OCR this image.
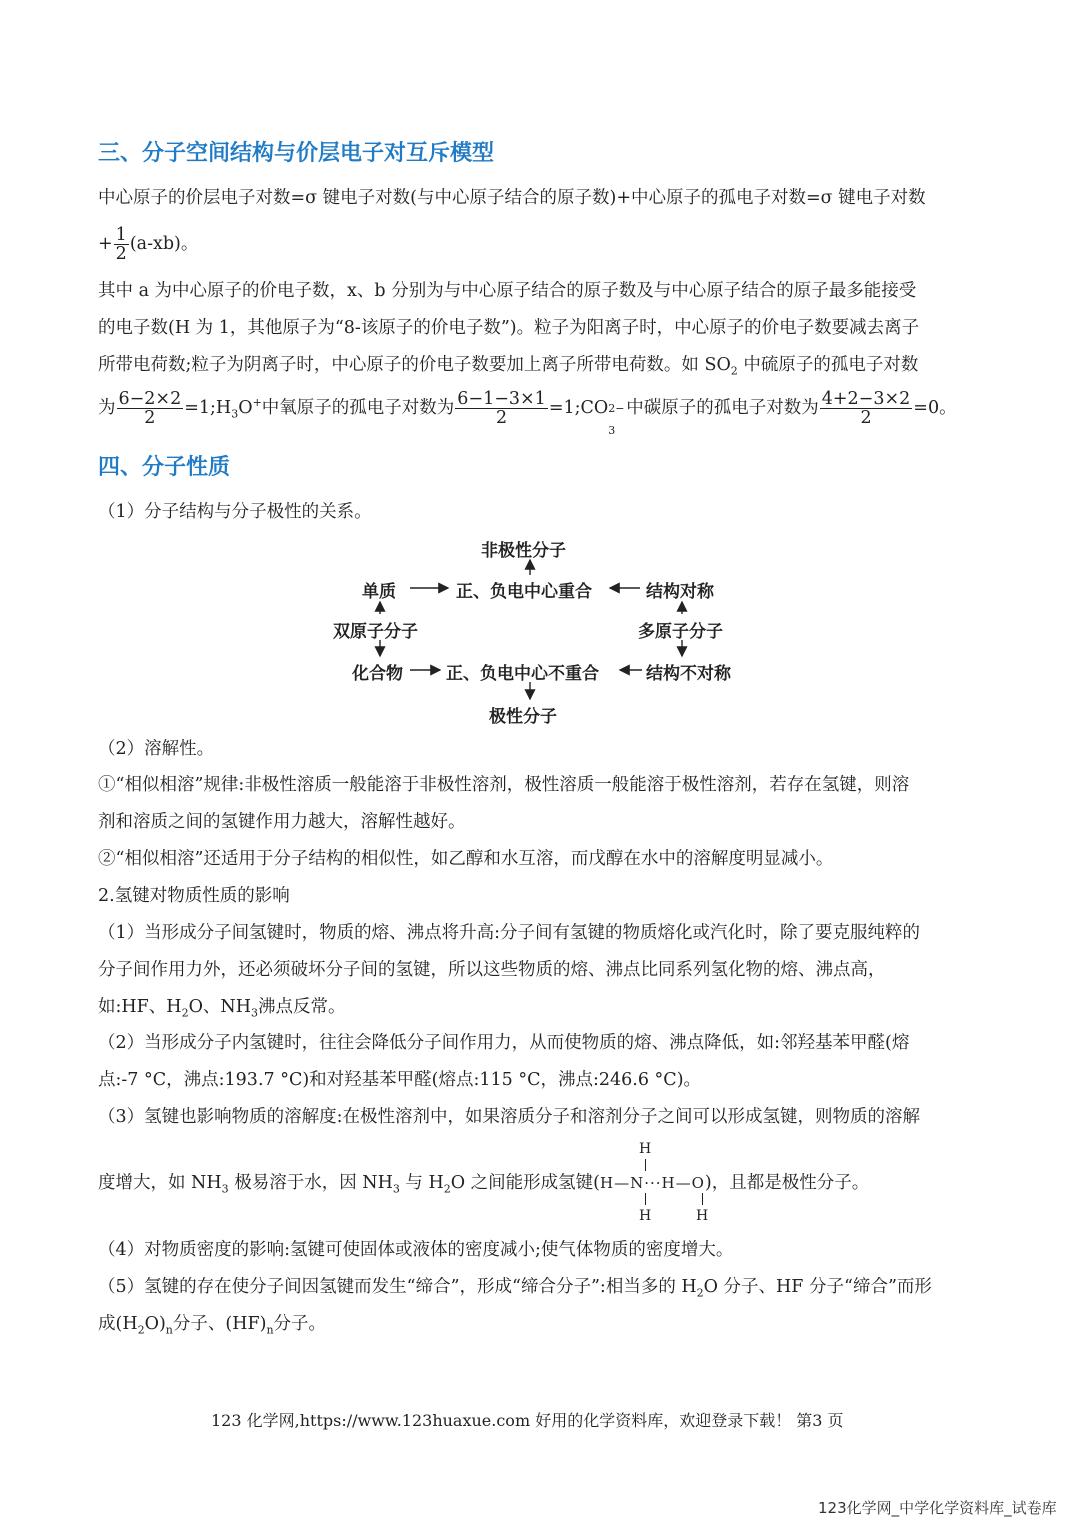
三、分子空间结构与价层电子对互斥模型
中心原子的价层电子对数=σ 键电子对数(与中心原子结合的原子数)+中心原子的孤电子对数=σ 键电子对数
+ $\frac{1}{2} (a-xb)$。
其中 a 为中心原子的价电子数，x、b 分别为与中心原子结合的原子数及与中心原子结合的原子最多能接受
的电子数(H 为 1，其他原子为“8-该原子的价电子数”)。粒子为阳离子时，中心原子的价电子数要减去离子
所带电荷数;粒子为阴离子时，中心原子的价电子数要加上离子所带电荷数。如 $SO_2$ 中硫原子的孤电子对数
为 $\frac{6-2\times 2}{2}$ $=1;H_3O^+$中氧原子的孤电子对数为 $\frac{6-1-3\times 1}{2}$ =1;CO 2−
3
中碳原子的孤电子对数为 $\frac{4+2-3\times 2}{2} =0$。
四、分子性质
（1）分子结构与分子极性的关系。
非极性分子
单质	正、负电中心重合	结构对称
双原子分子	多原子分子
化合物	正、负电中心不重合	结构不对称
极性分子
（2）溶解性。
①“相似相溶”规律:非极性溶质一般能溶于非极性溶剂，极性溶质一般能溶于极性溶剂，若存在氢键，则溶
剂和溶质之间的氢键作用力越大，溶解性越好。
②“相似相溶”还适用于分子结构的相似性，如乙醇和水互溶，而戊醇在水中的溶解度明显减小。
2.氢键对物质性质的影响
（1）当形成分子间氢键时，物质的熔、沸点将升高:分子间有氢键的物质熔化或汽化时，除了要克服纯粹的
分子间作用力外，还必须破坏分子间的氢键，所以这些物质的熔、沸点比同系列氢化物的熔、沸点高，
如:HF、$H_2O$、$NH_3$沸点反常。
（2）当形成分子内氢键时，往往会降低分子间作用力，从而使物质的熔、沸点降低，如:邻羟基苯甲醛(熔
点:-7 °C，沸点:193.7 °C)和对羟基苯甲醛(熔点:115 °C，沸点:246.6 °C)。
（3）氢键也影响物质的溶解度:在极性溶剂中，如果溶质分子和溶剂分子之间可以形成氢键，则物质的溶解
度增大，如 $NH_3$ 极易溶于水，因 $NH_3$ 与 $H_2O$ 之间能形成氢键(H—N···H—O)，且都是极性分子。
H
H	H
（4）对物质密度的影响:氢键可使固体或液体的密度减小;使气体物质的密度增大。
（5）氢键的存在使分子间因氢键而发生“缔合”，形成“缔合分子”:相当多的 $H_2O$ 分子、HF 分子“缔合”而形
成$(H_2O)_n$分子、$(HF)_n$分子。
123 化学网,https://www.123huaxue.com 好用的化学资料库，欢迎登录下载！ 第3 页
123化学网_中学化学资料库_试卷库
